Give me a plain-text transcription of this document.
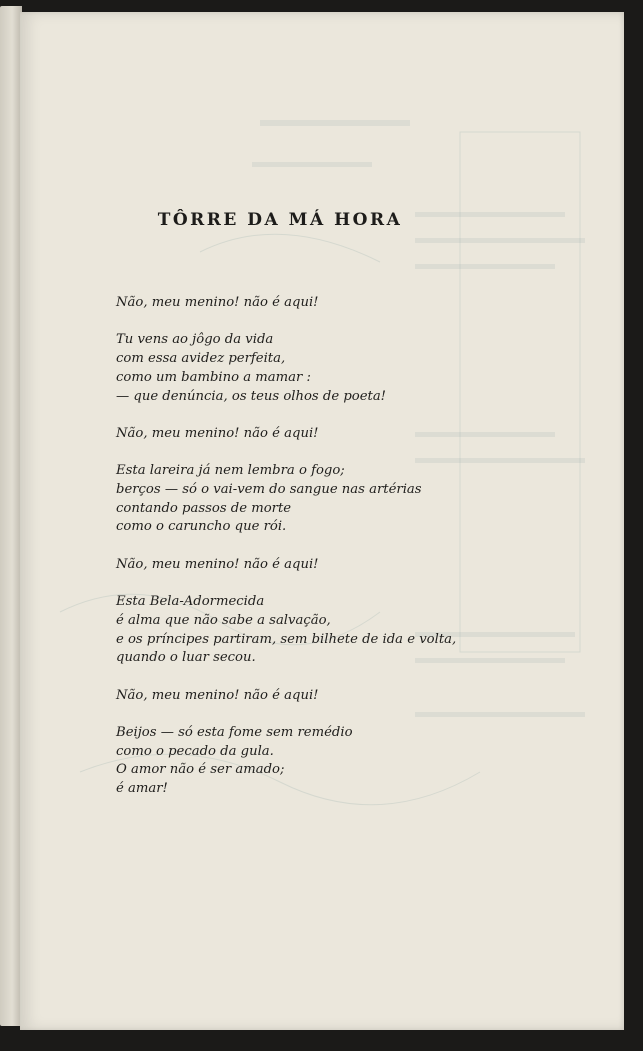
TÔRRE DA MÁ HORA
Não, meu menino! não é aqui!
Tu vens ao jôgo da vida
com essa avidez perfeita,
como um bambino a mamar :
— que denúncia, os teus olhos de poeta!
Não, meu menino! não é aqui!
Esta lareira já nem lembra o fogo;
berços — só o vai-vem do sangue nas artérias
contando passos de morte
como o caruncho que rói.
Não, meu menino! não é aqui!
Esta Bela-Adormecida
é alma que não sabe a salvação,
e os príncipes partiram, sem bilhete de ida e volta,
quando o luar secou.
Não, meu menino! não é aqui!
Beijos — só esta fome sem remédio
como o pecado da gula.
O amor não é ser amado;
é amar!
